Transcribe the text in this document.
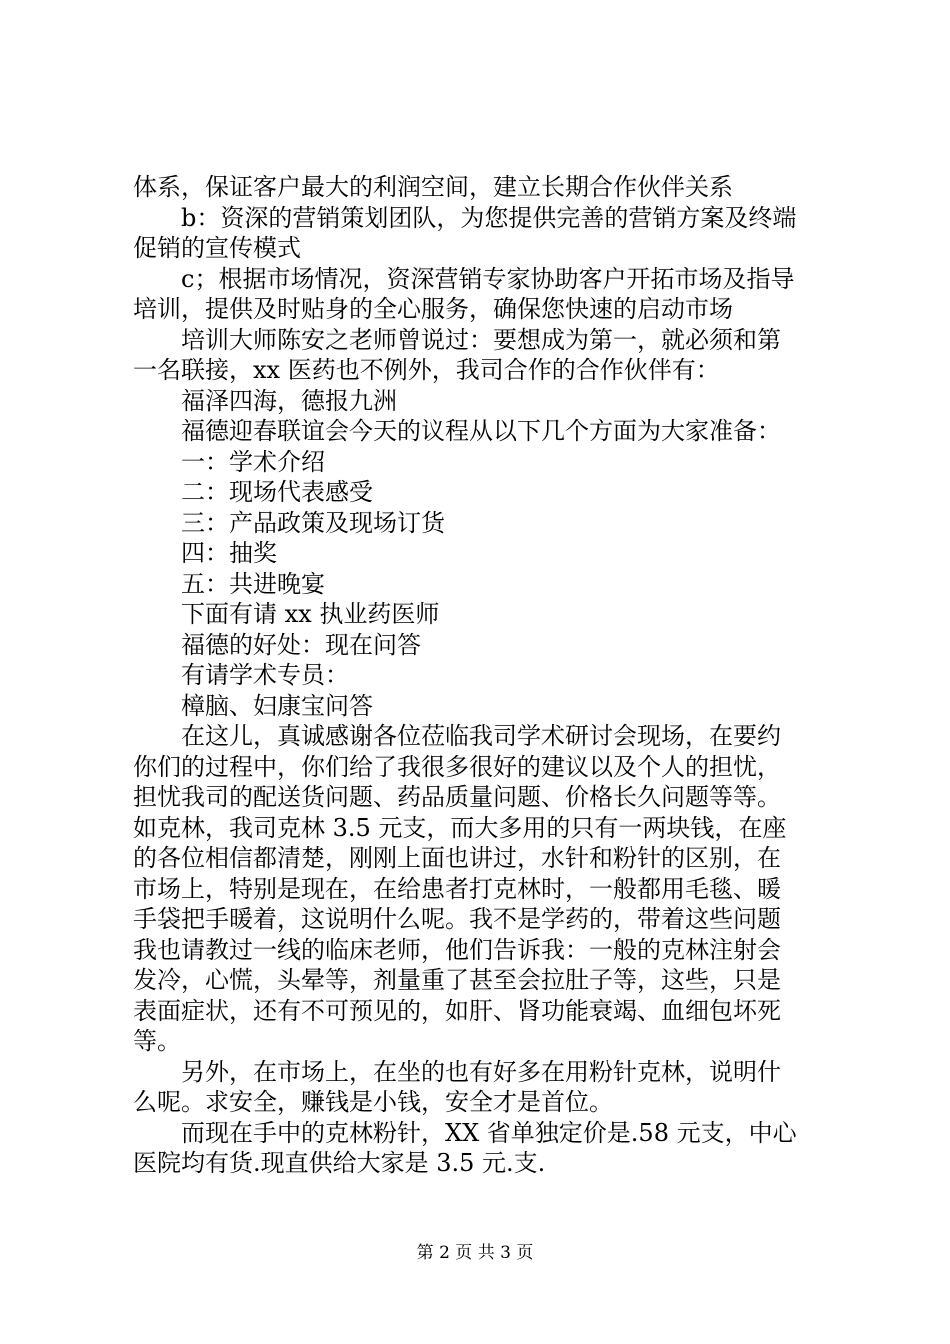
体系，保证客户最大的利润空间，建立长期合作伙伴关系
b：资深的营销策划团队，为您提供完善的营销方案及终端
促销的宣传模式
c；根据市场情况，资深营销专家协助客户开拓市场及指导
培训，提供及时贴身的全心服务，确保您快速的启动市场
培训大师陈安之老师曾说过：要想成为第一，就必须和第
一名联接，xx 医药也不例外，我司合作的合作伙伴有：
福泽四海，德报九洲
福德迎春联谊会今天的议程从以下几个方面为大家准备：
一：学术介绍
二：现场代表感受
三：产品政策及现场订货
四：抽奖
五：共进晚宴
下面有请 xx 执业药医师
福德的好处：现在问答
有请学术专员：
樟脑、妇康宝问答
在这儿，真诚感谢各位莅临我司学术研讨会现场，在要约
你们的过程中，你们给了我很多很好的建议以及个人的担忧，
担忧我司的配送货问题、药品质量问题、价格长久问题等等。
如克林，我司克林 3.5 元支，而大多用的只有一两块钱，在座
的各位相信都清楚，刚刚上面也讲过，水针和粉针的区别，在
市场上，特别是现在，在给患者打克林时，一般都用毛毯、暖
手袋把手暖着，这说明什么呢。我不是学药的，带着这些问题
我也请教过一线的临床老师，他们告诉我：一般的克林注射会
发冷，心慌，头晕等，剂量重了甚至会拉肚子等，这些，只是
表面症状，还有不可预见的，如肝、肾功能衰竭、血细包坏死
等。
另外，在市场上，在坐的也有好多在用粉针克林，说明什
么呢。求安全，赚钱是小钱，安全才是首位。
而现在手中的克林粉针，XX 省单独定价是.58 元支，中心
医院均有货.现直供给大家是 3.5 元.支.
第 2 页 共 3 页
